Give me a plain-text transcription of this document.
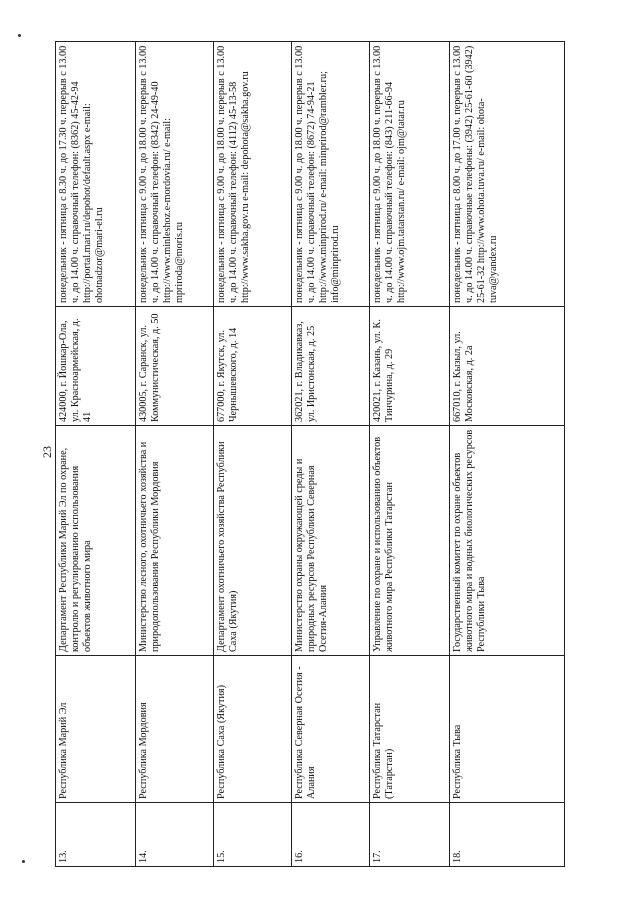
23
13.	Республика Марий Эл	Департамент Республики Марий Эл по охране, контролю и регулированию использования объектов животного мира	424000, г. Йошкар-Ола, ул. Красноармейская, д. 41	понедельник - пятница с 8.30 ч. до 17.30 ч. перерыв с 13.00 ч. до 14.00 ч. справочный телефон: (8362) 45-42-94 http://portal.mari.ru/depohot/default.aspx e-mail: ohotnadzor@mari-el.ru
14.	Республика Мордовия	Министерство лесного, охотничьего хозяйства и природопользования Республики Мордовия	430005, г. Саранск, ул. Коммунистическая, д. 50	понедельник - пятница с 9.00 ч. до 18.00 ч. перерыв с 13.00 ч. до 14.00 ч. справочный телефон: (8342) 24-49-40 http://www.minleshoz.e-mordovia.ru/ e-mail: mpriroda@moris.ru
15.	Республика Саха (Якутия)	Департамент охотничьего хозяйства Республики Саха (Якутия)	677000, г. Якутск, ул. Чернышевского, д. 14	понедельник - пятница с 9.00 ч. до 18.00 ч. перерыв с 13.00 ч. до 14.00 ч. справочный телефон: (4112) 45-13-58 http://www.sakha.gov.ru e-mail: depohota@sakha.gov.ru
16.	Республика Северная Осетия - Алания	Министерство охраны окружающей среды и природных ресурсов Республики Северная Осетия-Алания	362021, г. Владикавказ, ул. Иристонская, д. 25	понедельник - пятница с 9.00 ч. до 18.00 ч. перерыв с 13.00 ч. до 14.00 ч. справочный телефон: (8672) 74-94-21 http://www.minprirod.ru/ e-mail: minprirod@rambler.ru; info@minprirod.ru
17.	Республика Татарстан (Татарстан)	Управление по охране и использованию объектов животного мира Республики Татарстан	420021, г. Казань, ул. К. Тинчурина, д. 29	понедельник - пятница с 9.00 ч. до 18.00 ч. перерыв с 13.00 ч. до 14.00 ч. справочный телефон: (843) 211-66-94 http://www.ojm.tatarstan.ru/ e-mail: ojm@tatar.ru
18.	Республика Тыва	Государственный комитет по охране объектов животного мира и водных биологических ресурсов Республики Тыва	667010, г. Кызыл, ул. Московская, д. 2а	понедельник - пятница с 8.00 ч. до 17.00 ч. перерыв с 13.00 ч. до 14.00 ч. справочные телефоны: (3942) 25-61-60 (3942) 25-61-32 http://www.ohota.tuva.ru/ e-mail: ohota-tuva@yandex.ru
